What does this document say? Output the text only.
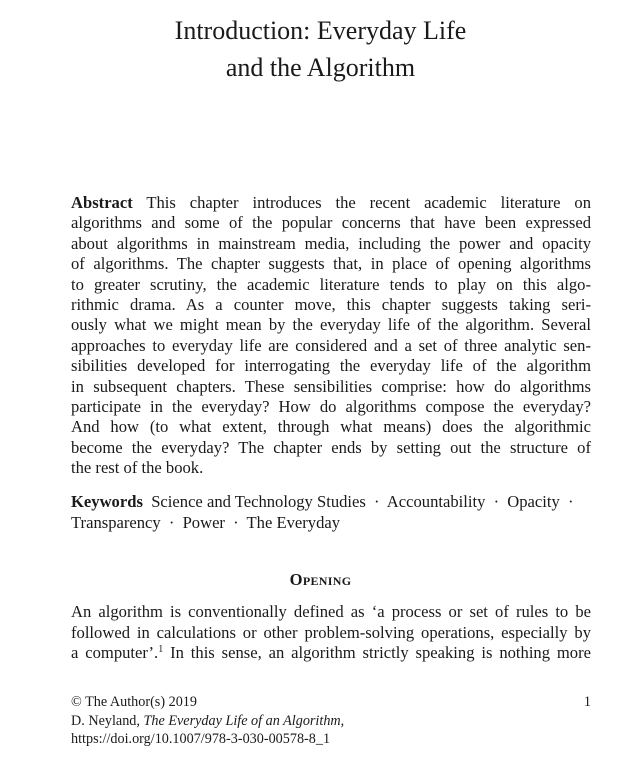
Introduction: Everyday Life
and the Algorithm
Abstract This chapter introduces the recent academic literature on
algorithms and some of the popular concerns that have been expressed
about algorithms in mainstream media, including the power and opacity
of algorithms. The chapter suggests that, in place of opening algorithms
to greater scrutiny, the academic literature tends to play on this algo-
rithmic drama. As a counter move, this chapter suggests taking seri-
ously what we might mean by the everyday life of the algorithm. Several
approaches to everyday life are considered and a set of three analytic sen-
sibilities developed for interrogating the everyday life of the algorithm
in subsequent chapters. These sensibilities comprise: how do algorithms
participate in the everyday? How do algorithms compose the everyday?
And how (to what extent, through what means) does the algorithmic
become the everyday? The chapter ends by setting out the structure of
the rest of the book.
Keywords Science and Technology Studies · Accountability · Opacity ·
Transparency · Power · The Everyday
Opening
An algorithm is conventionally defined as ‘a process or set of rules to be
followed in calculations or other problem-solving operations, especially by
a computer’.$^1$ In this sense, an algorithm strictly speaking is nothing more
© The Author(s) 2019
D. Neyland, The Everyday Life of an Algorithm,
https://doi.org/10.1007/978-3-030-00578-8_1
1
